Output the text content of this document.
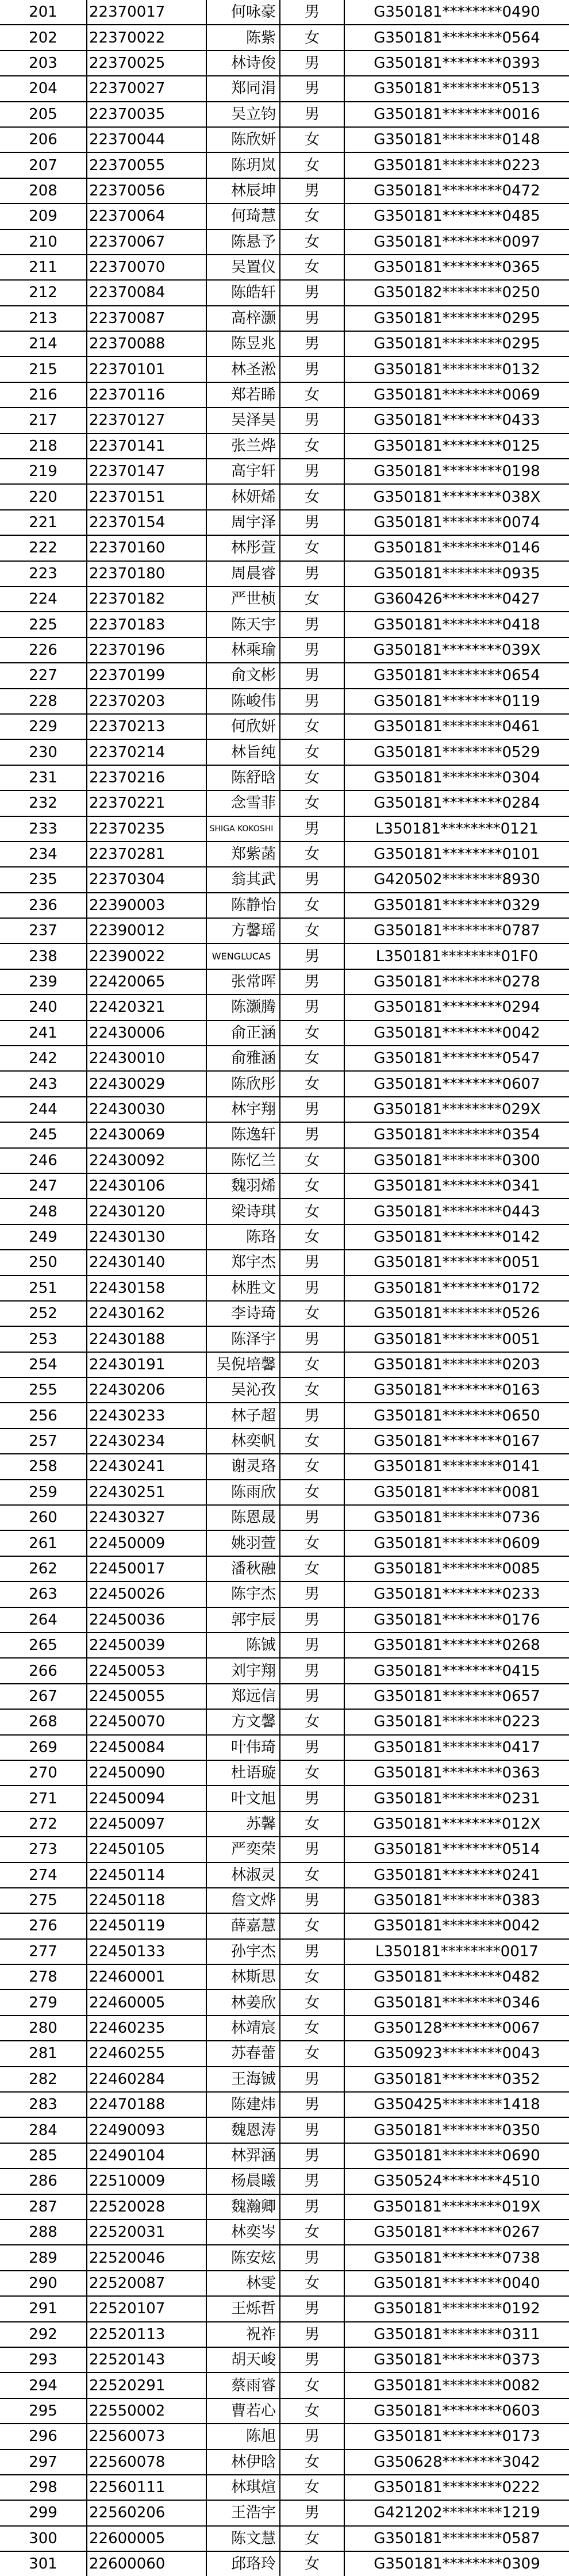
201	22370017	何咏豪	男	G350181********0490
202	22370022	陈紫	女	G350181********0564
203	22370025	林诗俊	男	G350181********0393
204	22370027	郑同涓	男	G350181********0513
205	22370035	吴立钧	男	G350181********0016
206	22370044	陈欣妍	女	G350181********0148
207	22370055	陈玥岚	女	G350181********0223
208	22370056	林辰坤	男	G350181********0472
209	22370064	何琦慧	女	G350181********0485
210	22370067	陈悬予	女	G350181********0097
211	22370070	吴置仪	女	G350181********0365
212	22370084	陈皓轩	男	G350182********0250
213	22370087	高梓灏	男	G350181********0295
214	22370088	陈昱兆	男	G350181********0295
215	22370101	林圣淞	男	G350181********0132
216	22370116	郑若睎	女	G350181********0069
217	22370127	吴泽昊	男	G350181********0433
218	22370141	张兰烨	女	G350181********0125
219	22370147	高宇轩	男	G350181********0198
220	22370151	林妍烯	女	G350181********038X
221	22370154	周宇泽	男	G350181********0074
222	22370160	林彤萱	女	G350181********0146
223	22370180	周晨睿	男	G350181********0935
224	22370182	严世桢	女	G360426********0427
225	22370183	陈天宇	男	G350181********0418
226	22370196	林乘瑜	男	G350181********039X
227	22370199	俞文彬	男	G350181********0654
228	22370203	陈峻伟	男	G350181********0119
229	22370213	何欣妍	女	G350181********0461
230	22370214	林旨纯	女	G350181********0529
231	22370216	陈舒晗	女	G350181********0304
232	22370221	念雪菲	女	G350181********0284
233	22370235	SHIGA KOKOSHI	男	L350181********0121
234	22370281	郑紫菡	女	G350181********0101
235	22370304	翁其武	男	G420502********8930
236	22390003	陈静怡	女	G350181********0329
237	22390012	方馨瑶	女	G350181********0787
238	22390022	WENGLUCAS	男	L350181********01F0
239	22420065	张常晖	男	G350181********0278
240	22420321	陈灏腾	男	G350181********0294
241	22430006	俞正涵	女	G350181********0042
242	22430010	俞雅涵	女	G350181********0547
243	22430029	陈欣彤	女	G350181********0607
244	22430030	林宇翔	男	G350181********029X
245	22430069	陈逸轩	男	G350181********0354
246	22430092	陈忆兰	女	G350181********0300
247	22430106	魏羽烯	女	G350181********0341
248	22430120	梁诗琪	女	G350181********0443
249	22430130	陈珞	女	G350181********0142
250	22430140	郑宇杰	男	G350181********0051
251	22430158	林胜文	男	G350181********0172
252	22430162	李诗琦	女	G350181********0526
253	22430188	陈泽宇	男	G350181********0051
254	22430191	吴倪培馨	女	G350181********0203
255	22430206	吴沁孜	女	G350181********0163
256	22430233	林子超	男	G350181********0650
257	22430234	林奕帆	女	G350181********0167
258	22430241	谢灵珞	女	G350181********0141
259	22430251	陈雨欣	女	G350181********0081
260	22430327	陈恩晟	男	G350181********0736
261	22450009	姚羽萱	女	G350181********0609
262	22450017	潘秋融	女	G350181********0085
263	22450026	陈宇杰	男	G350181********0233
264	22450036	郭宇辰	男	G350181********0176
265	22450039	陈铖	男	G350181********0268
266	22450053	刘宇翔	男	G350181********0415
267	22450055	郑远信	男	G350181********0657
268	22450070	方文馨	女	G350181********0223
269	22450084	叶伟琦	男	G350181********0417
270	22450090	杜语璇	女	G350181********0363
271	22450094	叶文旭	男	G350181********0231
272	22450097	苏馨	女	G350181********012X
273	22450105	严奕荣	男	G350181********0514
274	22450114	林淑灵	女	G350181********0241
275	22450118	詹文烨	男	G350181********0383
276	22450119	薛嘉慧	女	G350181********0042
277	22450133	孙宇杰	男	L350181********0017
278	22460001	林斯思	女	G350181********0482
279	22460005	林姜欣	女	G350181********0346
280	22460235	林靖宸	女	G350128********0067
281	22460255	苏春蕾	女	G350923********0043
282	22460284	王海铖	男	G350181********0352
283	22470188	陈建炜	男	G350425********1418
284	22490093	魏恩涛	男	G350181********0350
285	22490104	林羿涵	男	G350181********0690
286	22510009	杨晨曦	男	G350524********4510
287	22520028	魏瀚卿	男	G350181********019X
288	22520031	林奕岑	女	G350181********0267
289	22520046	陈安炫	男	G350181********0738
290	22520087	林雯	女	G350181********0040
291	22520107	王烁哲	男	G350181********0192
292	22520113	祝祚	男	G350181********0311
293	22520143	胡天峻	男	G350181********0373
294	22520291	蔡雨睿	女	G350181********0082
295	22550002	曹若心	女	G350181********0603
296	22560073	陈旭	男	G350181********0173
297	22560078	林伊晗	女	G350628********3042
298	22560111	林琪煊	女	G350181********0222
299	22560206	王浩宇	男	G421202********1219
300	22600005	陈文慧	女	G350181********0587
301	22600060	邱珞玲	女	G350181********0309
